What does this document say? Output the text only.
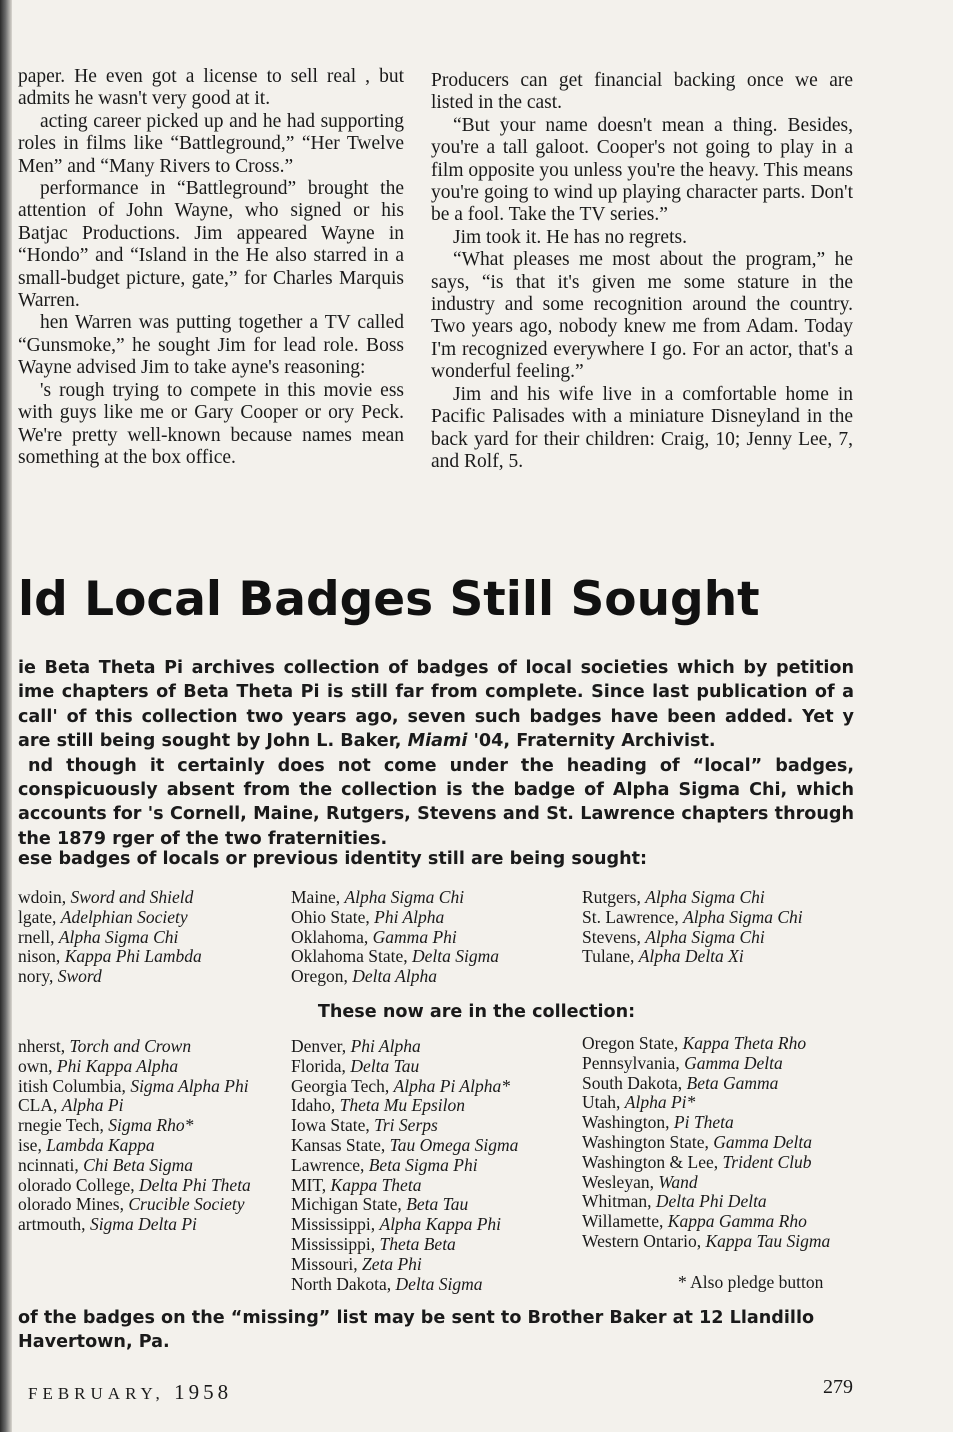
paper. He even got a license to sell real , but admits he wasn't very good at it.

acting career picked up and he had supporting roles in films like “Battleground,” “Her Twelve Men” and “Many Rivers to Cross.”

performance in “Battleground” brought the attention of John Wayne, who signed or his Batjac Productions. Jim appeared Wayne in “Hondo” and “Island in the He also starred in a small-budget picture, gate,” for Charles Marquis Warren.

hen Warren was putting together a TV called “Gunsmoke,” he sought Jim for lead role. Boss Wayne advised Jim to take ayne's reasoning:

's rough trying to compete in this movie ess with guys like me or Gary Cooper or ory Peck. We're pretty well-known because names mean something at the box office.

Producers can get financial backing once we are listed in the cast.

“But your name doesn't mean a thing. Besides, you're a tall galoot. Cooper's not going to play in a film opposite you unless you're the heavy. This means you're going to wind up playing character parts. Don't be a fool. Take the TV series.”

Jim took it. He has no regrets.

“What pleases me most about the program,” he says, “is that it's given me some stature in the industry and some recognition around the country. Two years ago, nobody knew me from Adam. Today I'm recognized everywhere I go. For an actor, that's a wonderful feeling.”

Jim and his wife live in a comfortable home in Pacific Palisades with a miniature Disneyland in the back yard for their children: Craig, 10; Jenny Lee, 7, and Rolf, 5.

ld Local Badges Still Sought

ie Beta Theta Pi archives collection of badges of local societies which by petition ime chapters of Beta Theta Pi is still far from complete. Since last publication of a call' of this collection two years ago, seven such badges have been added. Yet y are still being sought by John L. Baker, Miami '04, Fraternity Archivist.
nd though it certainly does not come under the heading of “local” badges, conspicuously absent from the collection is the badge of Alpha Sigma Chi, which accounts for 's Cornell, Maine, Rutgers, Stevens and St. Lawrence chapters through the 1879 rger of the two fraternities.

ese badges of locals or previous identity still are being sought:
wdoin, Sword and Shield
lgate, Adelphian Society
rnell, Alpha Sigma Chi
nison, Kappa Phi Lambda
nory, Sword
Maine, Alpha Sigma Chi
Ohio State, Phi Alpha
Oklahoma, Gamma Phi
Oklahoma State, Delta Sigma
Oregon, Delta Alpha
Rutgers, Alpha Sigma Chi
St. Lawrence, Alpha Sigma Chi
Stevens, Alpha Sigma Chi
Tulane, Alpha Delta Xi
These now are in the collection:
nherst, Torch and Crown
own, Phi Kappa Alpha
itish Columbia, Sigma Alpha Phi
CLA, Alpha Pi
rnegie Tech, Sigma Rho*
ise, Lambda Kappa
ncinnati, Chi Beta Sigma
olorado College, Delta Phi Theta
olorado Mines, Crucible Society
artmouth, Sigma Delta Pi
Denver, Phi Alpha
Florida, Delta Tau
Georgia Tech, Alpha Pi Alpha*
Idaho, Theta Mu Epsilon
Iowa State, Tri Serps
Kansas State, Tau Omega Sigma
Lawrence, Beta Sigma Phi
MIT, Kappa Theta
Michigan State, Beta Tau
Mississippi, Alpha Kappa Phi
Mississippi, Theta Beta
Missouri, Zeta Phi
North Dakota, Delta Sigma
Oregon State, Kappa Theta Rho
Pennsylvania, Gamma Delta
South Dakota, Beta Gamma
Utah, Alpha Pi*
Washington, Pi Theta
Washington State, Gamma Delta
Washington & Lee, Trident Club
Wesleyan, Wand
Whitman, Delta Phi Delta
Willamette, Kappa Gamma Rho
Western Ontario, Kappa Tau Sigma
* Also pledge button

of the badges on the “missing” list may be sent to Brother Baker at 12 Llandillo Havertown, Pa.

FEBRUARY, 1958	279
